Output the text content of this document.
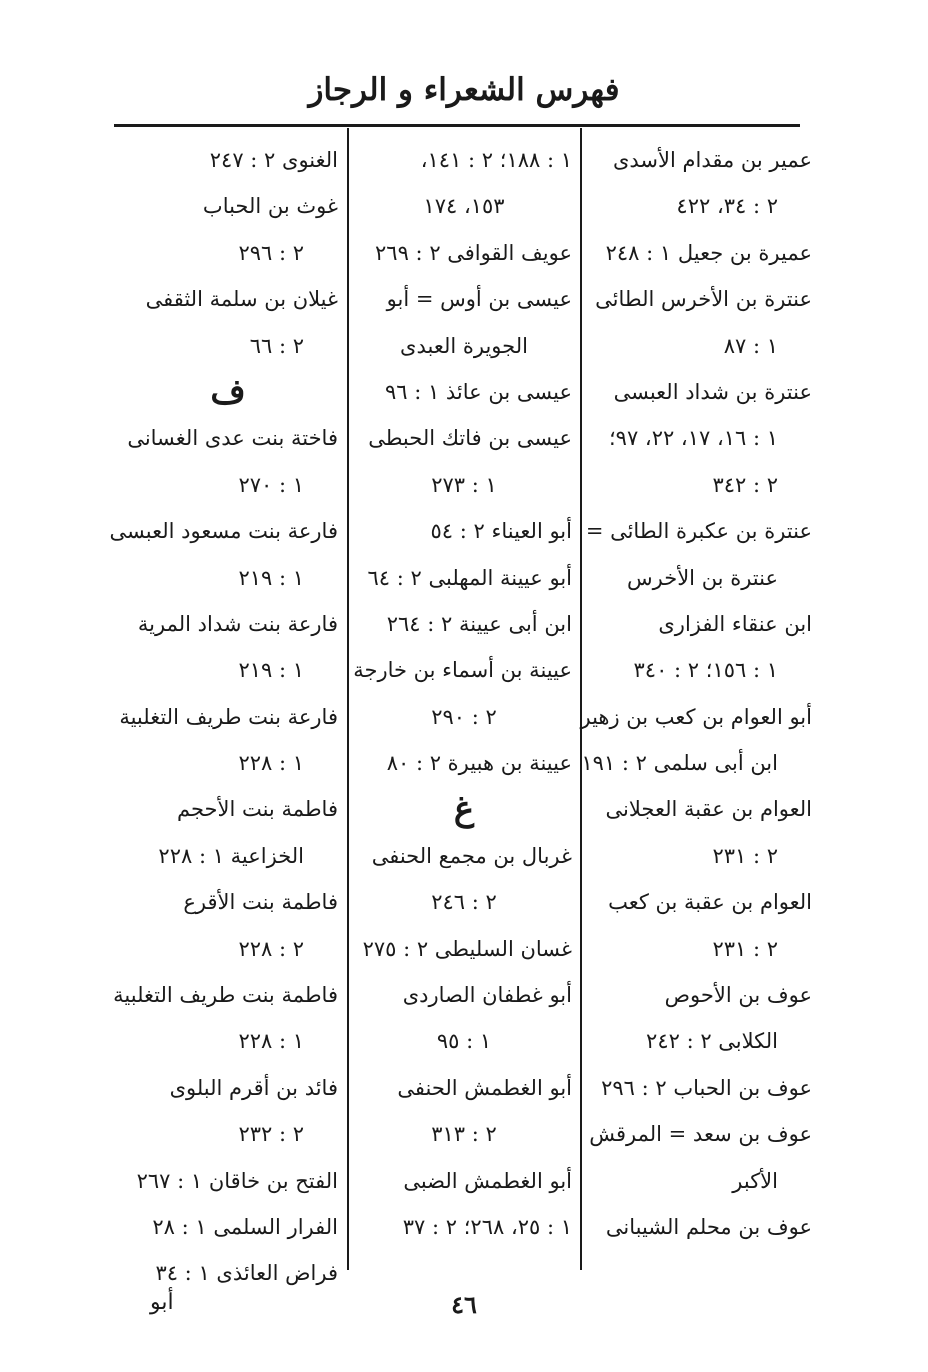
فهرس الشعراء و الرجاز
عمير بن مقدام الأسدى
٢ : ٣٤، ٤٢٢
عميرة بن جعيل ١ : ٢٤٨
عنترة بن الأخرس الطائى
١ : ٨٧
عنترة بن شداد العبسى
١ : ١٦، ١٧، ٢٢، ٩٧؛
٢ : ٣٤٢
عنترة بن عكبرة الطائى =
عنترة بن الأخرس
ابن عنقاء الفزارى
١ : ١٥٦؛ ٢ : ٣٤٠
أبو العوام بن كعب بن زهير
ابن أبى سلمى ٢ : ١٩١
العوام بن عقبة العجلانى
٢ : ٢٣١
العوام بن عقبة بن كعب
٢ : ٢٣١
عوف بن الأحوص
الكلابى ٢ : ٢٤٢
عوف بن الحباب ٢ : ٢٩٦
عوف بن سعد = المرقش
الأكبر
عوف بن محلم الشيبانى
١ : ١٨٨؛ ٢ : ١٤١،
١٥٣، ١٧٤
عويف القوافى ٢ : ٢٦٩
عيسى بن أوس = أبو
الجويرة العبدى
عيسى بن عائذ ١ : ٩٦
عيسى بن فاتك الحبطى
١ : ٢٧٣
أبو العيناء ٢ : ٥٤
أبو عيينة المهلبى ٢ : ٦٤
ابن أبى عيينة ٢ : ٢٦٤
عيينة بن أسماء بن خارجة
٢ : ٢٩٠
عيينة بن هبيرة ٢ : ٨٠
غ
غربال بن مجمع الحنفى
٢ : ٢٤٦
غسان السليطى ٢ : ٢٧٥
أبو غطفان الصاردى
١ : ٩٥
أبو الغطمش الحنفى
٢ : ٣١٣
أبو الغطمش الضبى
١ : ٢٥، ٢٦٨؛ ٢ : ٣٧
الغنوى ٢ : ٢٤٧
غوث بن الحباب
٢ : ٢٩٦
غيلان بن سلمة الثقفى
٢ : ٦٦
ف
فاختة بنت عدى الغسانى
١ : ٢٧٠
فارعة بنت مسعود العبسى
١ : ٢١٩
فارعة بنت شداد المرية
١ : ٢١٩
فارعة بنت طريف التغلبية
١ : ٢٢٨
فاطمة بنت الأحجم
الخزاعية ١ : ٢٢٨
فاطمة بنت الأقرع
٢ : ٢٢٨
فاطمة بنت طريف التغلبية
١ : ٢٢٨
فائد بن أقرم البلوى
٢ : ٢٣٢
الفتح بن خاقان ١ : ٢٦٧
الفرار السلمى ١ : ٢٨
فراض العائذى ١ : ٣٤
٤٦
أبو
